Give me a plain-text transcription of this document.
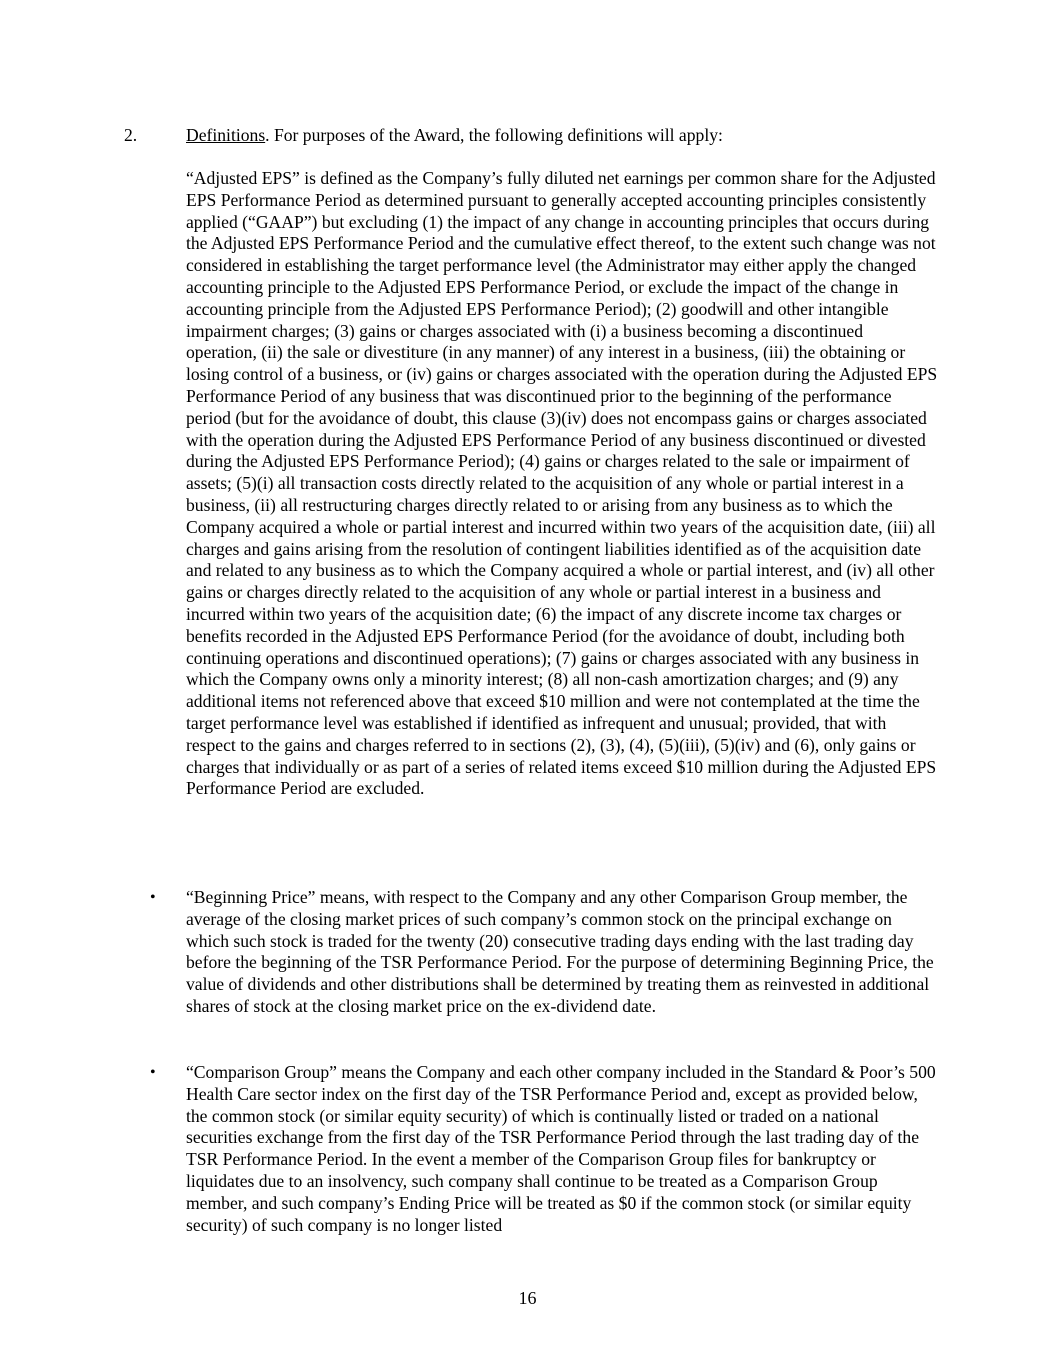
2.	Definitions. For purposes of the Award, the following definitions will apply:

“Adjusted EPS” is defined as the Company’s fully diluted net earnings per common share for the Adjusted EPS Performance Period as determined pursuant to generally accepted accounting principles consistently applied (“GAAP”) but excluding (1) the impact of any change in accounting principles that occurs during the Adjusted EPS Performance Period and the cumulative effect thereof, to the extent such change was not considered in establishing the target performance level (the Administrator may either apply the changed accounting principle to the Adjusted EPS Performance Period, or exclude the impact of the change in accounting principle from the Adjusted EPS Performance Period); (2) goodwill and other intangible impairment charges; (3) gains or charges associated with (i) a business becoming a discontinued operation, (ii) the sale or divestiture (in any manner) of any interest in a business, (iii) the obtaining or losing control of a business, or (iv) gains or charges associated with the operation during the Adjusted EPS Performance Period of any business that was discontinued prior to the beginning of the performance period (but for the avoidance of doubt, this clause (3)(iv) does not encompass gains or charges associated with the operation during the Adjusted EPS Performance Period of any business discontinued or divested during the Adjusted EPS Performance Period); (4) gains or charges related to the sale or impairment of assets; (5)(i) all transaction costs directly related to the acquisition of any whole or partial interest in a business, (ii) all restructuring charges directly related to or arising from any business as to which the Company acquired a whole or partial interest and incurred within two years of the acquisition date, (iii) all charges and gains arising from the resolution of contingent liabilities identified as of the acquisition date and related to any business as to which the Company acquired a whole or partial interest, and (iv) all other gains or charges directly related to the acquisition of any whole or partial interest in a business and incurred within two years of the acquisition date; (6) the impact of any discrete income tax charges or benefits recorded in the Adjusted EPS Performance Period (for the avoidance of doubt, including both continuing operations and discontinued operations); (7) gains or charges associated with any business in which the Company owns only a minority interest; (8) all non-cash amortization charges; and (9) any additional items not referenced above that exceed $10 million and were not contemplated at the time the target performance level was established if identified as infrequent and unusual; provided, that with respect to the gains and charges referred to in sections (2), (3), (4), (5)(iii), (5)(iv) and (6), only gains or charges that individually or as part of a series of related items exceed $10 million during the Adjusted EPS Performance Period are excluded.

•	“Beginning Price” means, with respect to the Company and any other Comparison Group member, the average of the closing market prices of such company’s common stock on the principal exchange on which such stock is traded for the twenty (20) consecutive trading days ending with the last trading day before the beginning of the TSR Performance Period. For the purpose of determining Beginning Price, the value of dividends and other distributions shall be determined by treating them as reinvested in additional shares of stock at the closing market price on the ex-dividend date.

•	“Comparison Group” means the Company and each other company included in the Standard & Poor’s 500 Health Care sector index on the first day of the TSR Performance Period and, except as provided below, the common stock (or similar equity security) of which is continually listed or traded on a national securities exchange from the first day of the TSR Performance Period through the last trading day of the TSR Performance Period. In the event a member of the Comparison Group files for bankruptcy or liquidates due to an insolvency, such company shall continue to be treated as a Comparison Group member, and such company’s Ending Price will be treated as $0 if the common stock (or similar equity security) of such company is no longer listed

16
